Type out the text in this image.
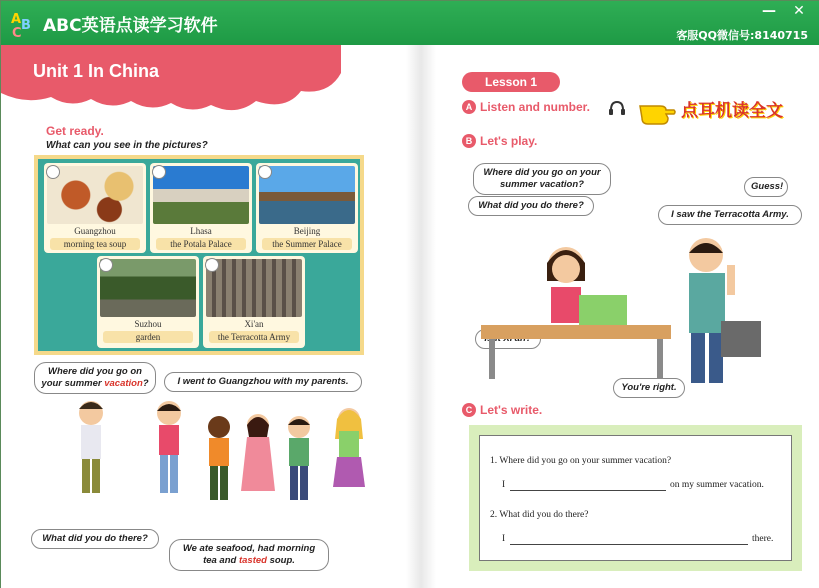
A B
C ABC英语点读学习软件
—	✕
客服QQ微信号:8140715
Unit 1 In China
Get ready.
What can you see in the pictures?
Guangzhou
morning tea soup
Lhasa
the Potala Palace
Beijing
the Summer Palace
Suzhou
garden
Xi'an
the Terracotta Army
Where did you go on
your summer vacation?	I went to Guangzhou with my parents.
What did you do there?
We ate seafood, had morning
tea and tasted soup.
Lesson 1
A Listen and number.	点耳机读全文
B Let's play.
Where did you go on your summer vacation?
What did you do there?
Guess!
I saw the Terracotta Army.
You're right.
C Let's write.
1. Where did you go on your summer vacation?
I	on my summer vacation.
2. What did you do there?
I	there.
